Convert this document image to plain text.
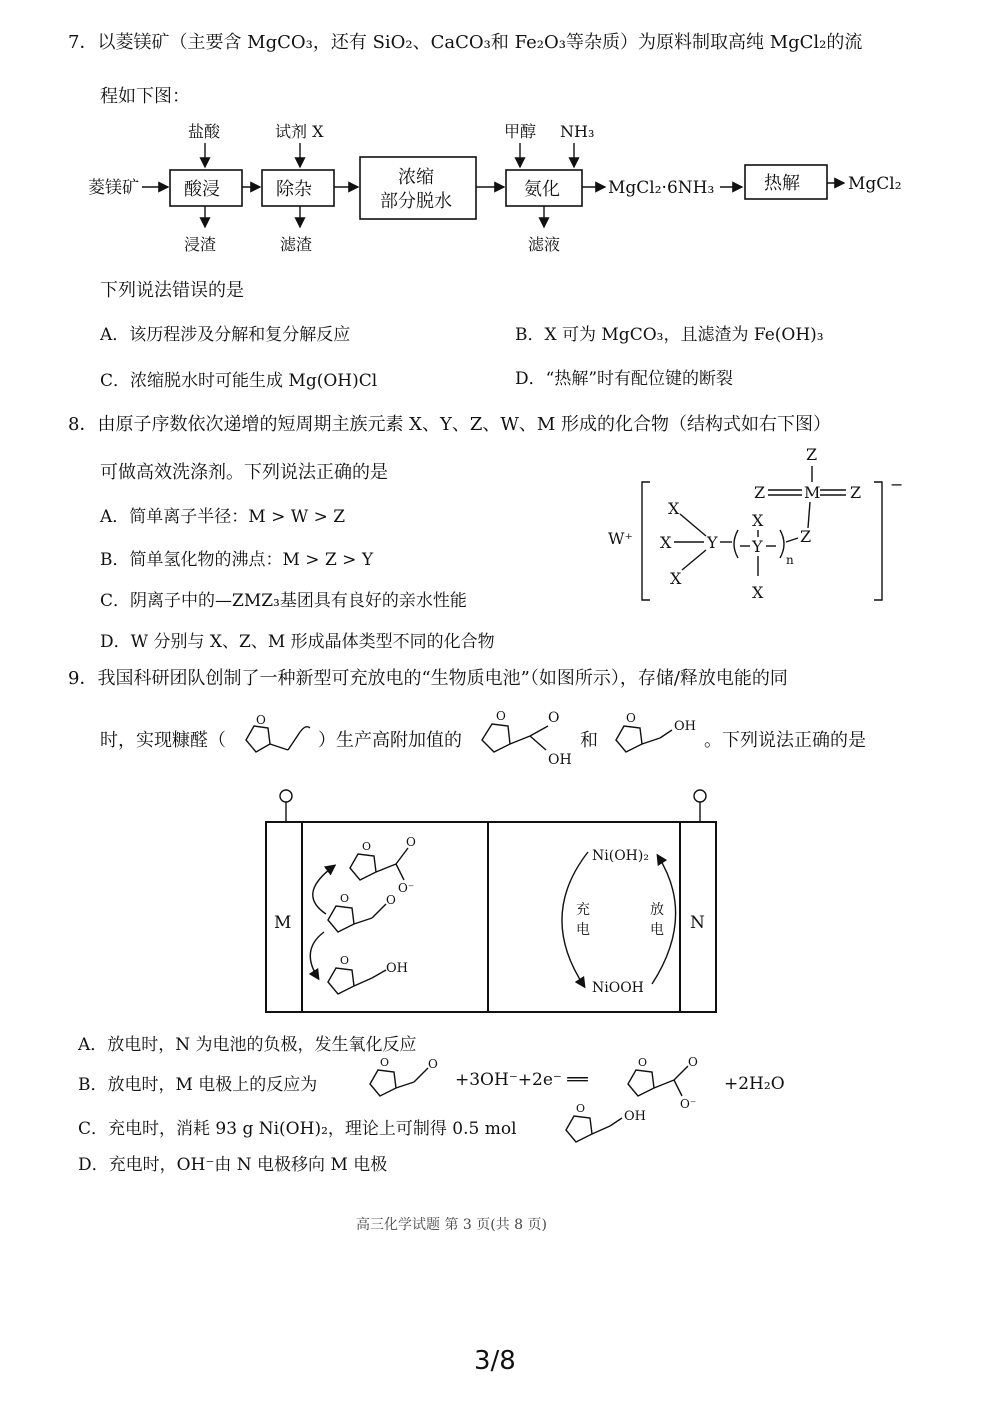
7．以菱镁矿（主要含 MgCO₃，还有 SiO₂、CaCO₃和 Fe₂O₃等杂质）为原料制取高纯 MgCl₂的流
程如下图：
菱镁矿
盐酸
酸浸
浸渣
试剂 X
除杂
滤渣
浓缩
部分脱水
甲醇 NH₃
氨化
滤液
MgCl₂·6NH₃	热解	MgCl₂
下列说法错误的是
A．该历程涉及分解和复分解反应	B．X 可为 MgCO₃，且滤渣为 Fe(OH)₃
C．浓缩脱水时可能生成 Mg(OH)Cl	D．“热解”时有配位键的断裂
8．由原子序数依次递增的短周期主族元素 X、Y、Z、W、M 形成的化合物（结构式如右下图）
可做高效洗涤剂。下列说法正确的是
A．简单离子半径：M > W > Z
B．简单氢化物的沸点：M > Z > Y
C．阴离子中的—ZMZ₃基团具有良好的亲水性能
D．W 分别与 X、Z、M 形成晶体类型不同的化合物
W⁺
−
X
X
X
Y
X
Y
X
n
Z
M
Z
Z	Z
9．我国科研团队创制了一种新型可充放电的“生物质电池”（如图所示），存储/释放电能的同
时，实现糠醛（
O
）生产高附加值的
O	O
OH
和
O
OH
。下列说法正确的是
M	N
O	O
O⁻
O	O
O
OH
Ni(OH)₂
NiOOH
充
电
放
电
A．放电时，N 为电池的负极，发生氧化反应
B．放电时，M 电极上的反应为
O	O
+3OH⁻+2e⁻ ══
O	O
O⁻
+2H₂O
C．充电时，消耗 93 g Ni(OH)₂，理论上可制得 0.5 mol
O
OH
D．充电时，OH⁻由 N 电极移向 M 电极
高三化学试题 第 3 页(共 8 页)
3/8
